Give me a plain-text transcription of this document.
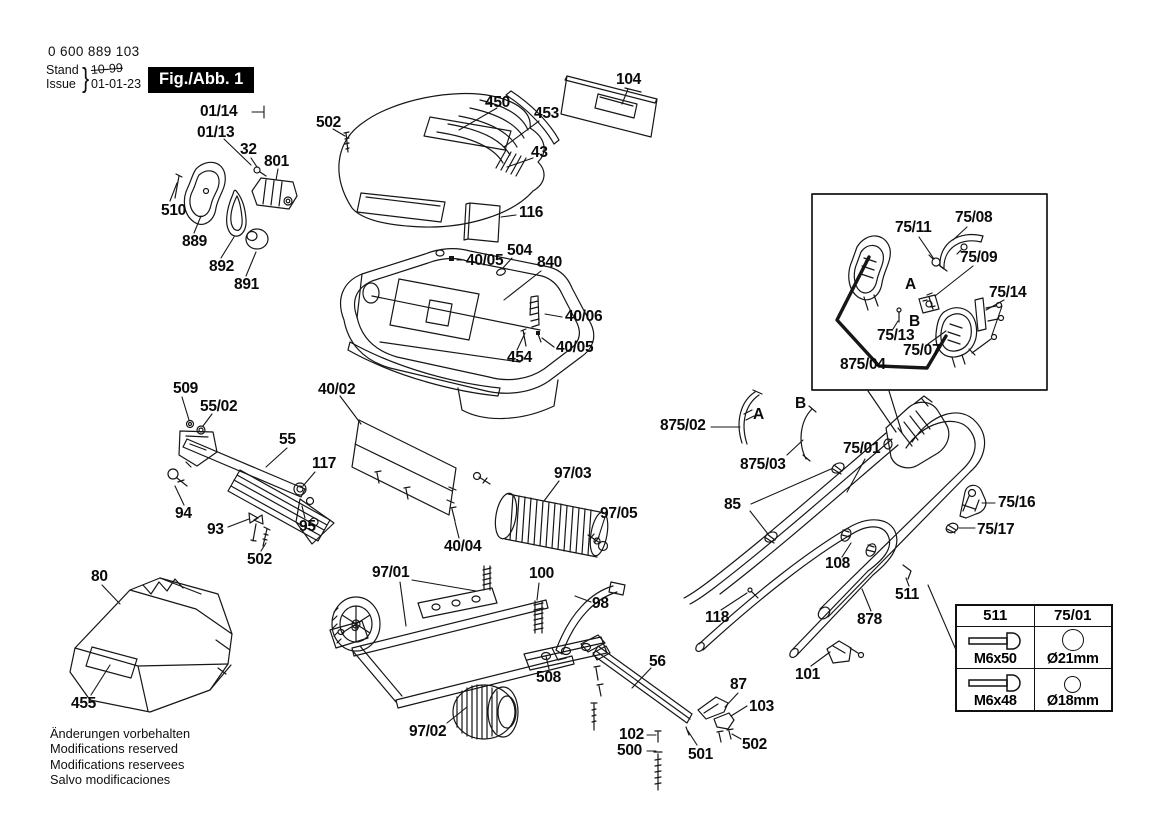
01/14
01/13
32
801
502
450
453
43
104
116
504
840
40/05
40/06
40/05
454
510
889
892
891
40/02
509
55/02
55
117
94
93	95
502
80
455
97/03
97/05
40/04
97/01	100
98
508
97/02
56
102
500	501
87
103
502
875/02
A
B
875/03
75/01
85
108
118	878
101
511
75/16
75/17
75/11
75/08
75/09
A
B
75/14
75/13
75/07
875/04
0 600 889 103
Stand
Issue } 10-99
01-01-23	Fig./Abb. 1
511	75/01
M6x50 Ø21mm
M6x48 Ø18mm
Änderungen vorbehalten
Modifications reserved
Modifications reservees
Salvo modificaciones
